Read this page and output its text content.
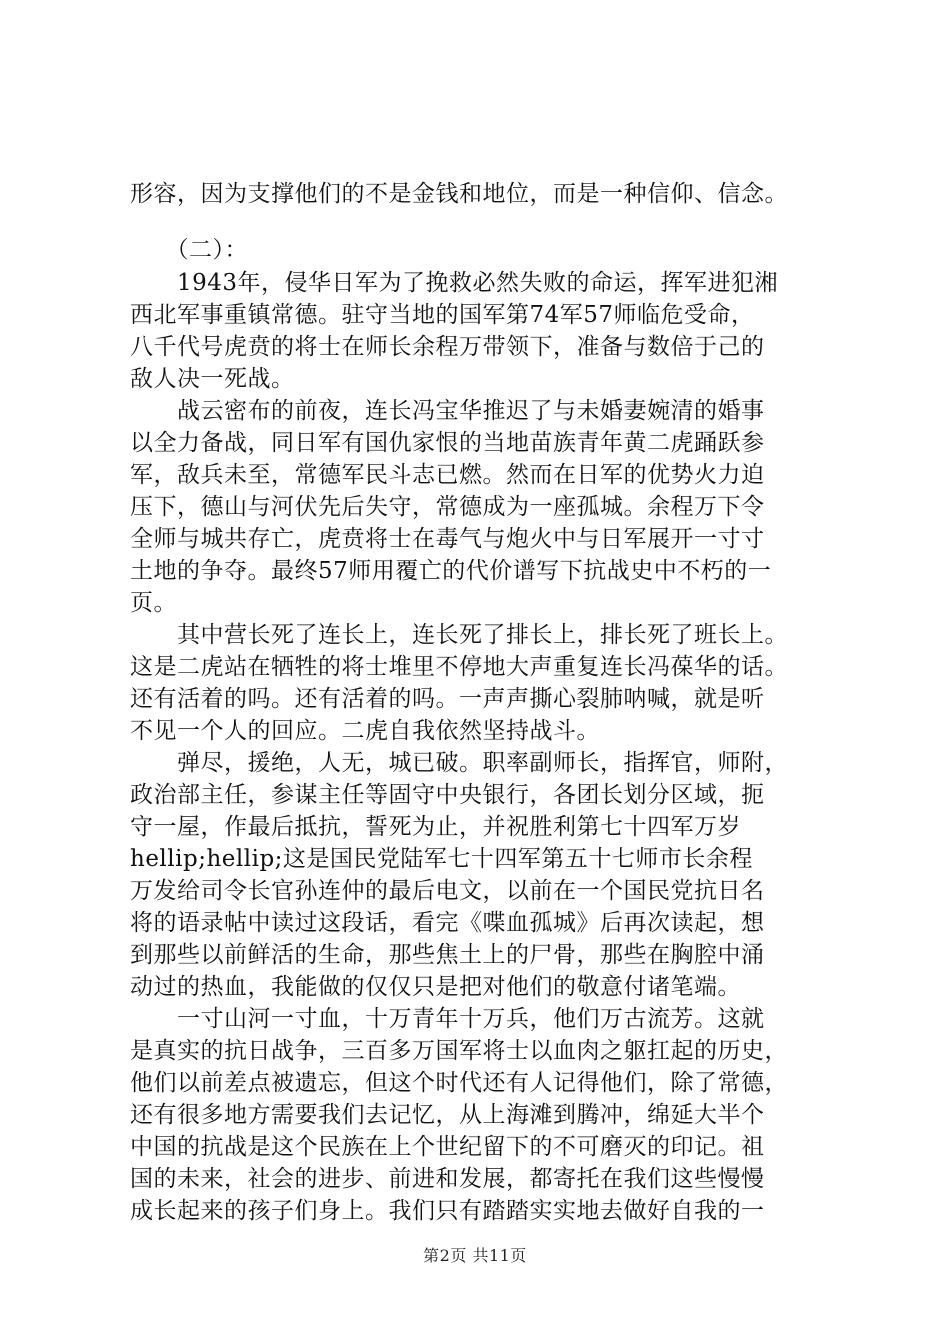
形容，因为支撑他们的不是金钱和地位，而是一种信仰、信念。
　　（二）：
　　1943年，侵华日军为了挽救必然失败的命运，挥军进犯湘
西北军事重镇常德。驻守当地的国军第74军57师临危受命，
八千代号虎贲的将士在师长余程万带领下，准备与数倍于己的
敌人决一死战。
　　战云密布的前夜，连长冯宝华推迟了与未婚妻婉清的婚事
以全力备战，同日军有国仇家恨的当地苗族青年黄二虎踊跃参
军，敌兵未至，常德军民斗志已燃。然而在日军的优势火力迫
压下，德山与河伏先后失守，常德成为一座孤城。余程万下令
全师与城共存亡，虎贲将士在毒气与炮火中与日军展开一寸寸
土地的争夺。最终57师用覆亡的代价谱写下抗战史中不朽的一
页。
　　其中营长死了连长上，连长死了排长上，排长死了班长上。
这是二虎站在牺牲的将士堆里不停地大声重复连长冯葆华的话。
还有活着的吗。还有活着的吗。一声声撕心裂肺呐喊，就是听
不见一个人的回应。二虎自我依然坚持战斗。
　　弹尽，援绝，人无，城已破。职率副师长，指挥官，师附，
政治部主任，参谋主任等固守中央银行，各团长划分区域，扼
守一屋，作最后抵抗，誓死为止，并祝胜利第七十四军万岁
hellip;hellip;这是国民党陆军七十四军第五十七师市长余程
万发给司令长官孙连仲的最后电文，以前在一个国民党抗日名
将的语录帖中读过这段话，看完《喋血孤城》后再次读起，想
到那些以前鲜活的生命，那些焦土上的尸骨，那些在胸腔中涌
动过的热血，我能做的仅仅只是把对他们的敬意付诸笔端。
　　一寸山河一寸血，十万青年十万兵，他们万古流芳。这就
是真实的抗日战争，三百多万国军将士以血肉之躯扛起的历史，
他们以前差点被遗忘，但这个时代还有人记得他们，除了常德，
还有很多地方需要我们去记忆，从上海滩到腾冲，绵延大半个
中国的抗战是这个民族在上个世纪留下的不可磨灭的印记。祖
国的未来，社会的进步、前进和发展，都寄托在我们这些慢慢
成长起来的孩子们身上。我们只有踏踏实实地去做好自我的一
第2页 共11页
